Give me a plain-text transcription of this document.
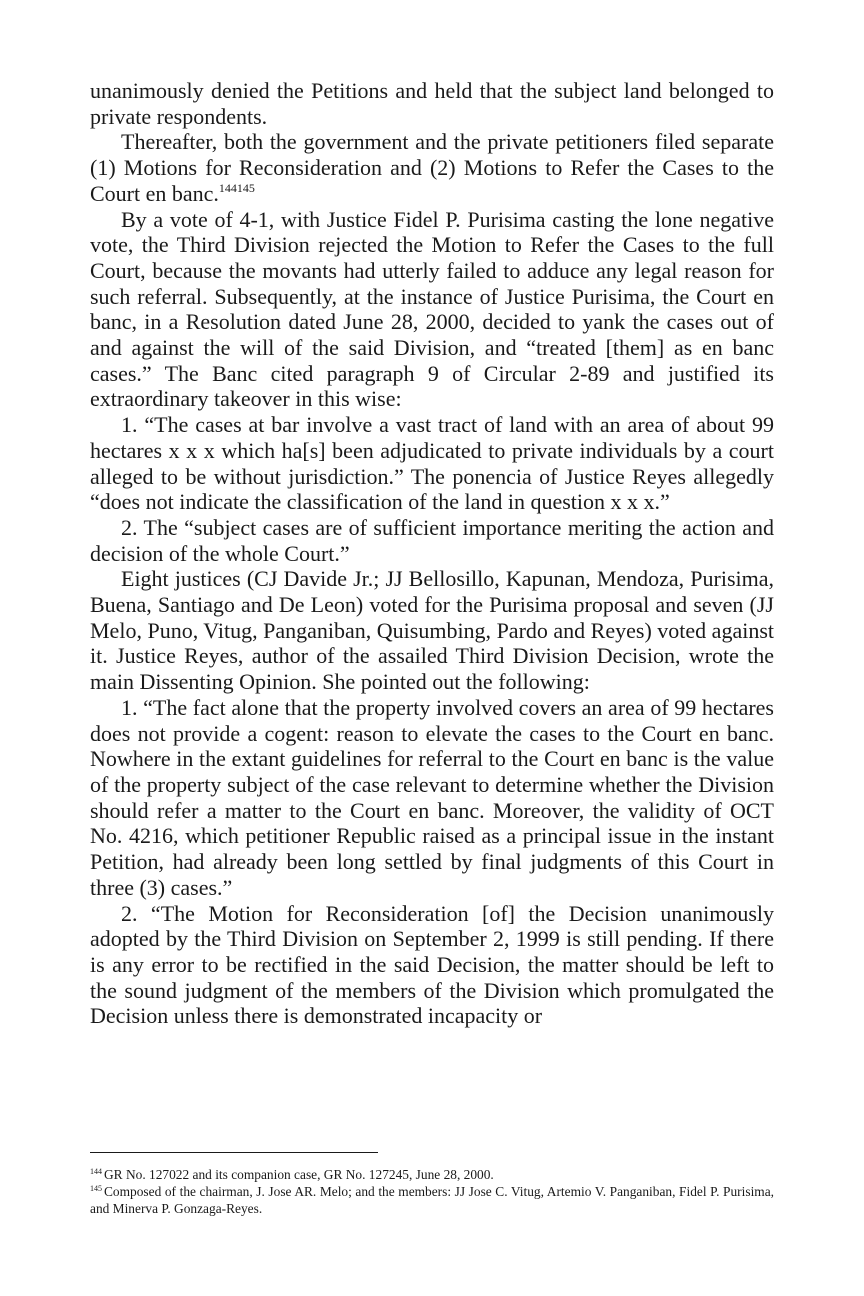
unanimously denied the Petitions and held that the subject land belonged to private respondents.

Thereafter, both the government and the private petitioners filed separate (1) Motions for Reconsideration and (2) Motions to Refer the Cases to the Court en banc.$^{144145}$

By a vote of 4-1, with Justice Fidel P. Purisima casting the lone negative vote, the Third Division rejected the Motion to Refer the Cases to the full Court, because the movants had utterly failed to adduce any legal reason for such referral. Subsequently, at the instance of Justice Purisima, the Court en banc, in a Resolution dated June 28, 2000, decided to yank the cases out of and against the will of the said Division, and “treated [them] as en banc cases.” The Banc cited paragraph 9 of Circular 2-89 and justified its extraordinary takeover in this wise:

1. “The cases at bar involve a vast tract of land with an area of about 99 hectares x x x which ha[s] been adjudicated to private individuals by a court alleged to be without jurisdiction.” The ponencia of Justice Reyes allegedly “does not indicate the classification of the land in question x x x.”

2. The “subject cases are of sufficient importance meriting the action and decision of the whole Court.”

Eight justices (CJ Davide Jr.; JJ Bellosillo, Kapunan, Mendoza, Purisima, Buena, Santiago and De Leon) voted for the Purisima proposal and seven (JJ Melo, Puno, Vitug, Panganiban, Quisumbing, Pardo and Reyes) voted against it. Justice Reyes, author of the assailed Third Division Decision, wrote the main Dissenting Opinion. She pointed out the following:

1. “The fact alone that the property involved covers an area of 99 hectares does not provide a cogent: reason to elevate the cases to the Court en banc. Nowhere in the extant guidelines for referral to the Court en banc is the value of the property subject of the case relevant to determine whether the Division should refer a matter to the Court en banc. Moreover, the validity of OCT No. 4216, which petitioner Republic raised as a principal issue in the instant Petition, had already been long settled by final judgments of this Court in three (3) cases.”

2. “The Motion for Reconsideration [of] the Decision unanimously adopted by the Third Division on September 2, 1999 is still pending. If there is any error to be rectified in the said Decision, the matter should be left to the sound judgment of the members of the Division which promulgated the Decision unless there is demonstrated incapacity or

$^{144}$ GR No. 127022 and its companion case, GR No. 127245, June 28, 2000.

$^{145}$ Composed of the chairman, J. Jose AR. Melo; and the members: JJ Jose C. Vitug, Artemio V. Panganiban, Fidel P. Purisima, and Minerva P. Gonzaga-Reyes.
